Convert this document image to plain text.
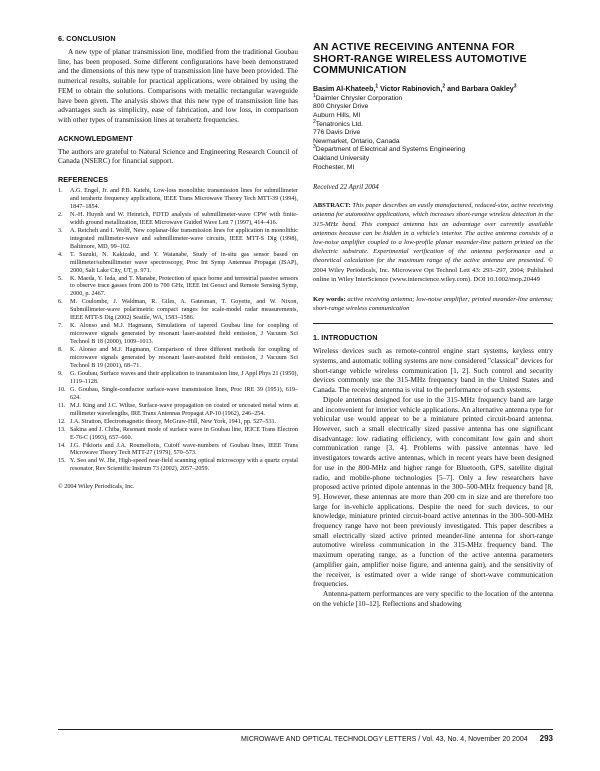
6. CONCLUSION

A new type of planar transmission line, modified from the traditional Goubau line, has been proposed. Some different configurations have been demonstrated and the dimensions of this new type of transmission line have been provided. The numerical results, suitable for practical applications, were obtained by using the FEM to obtain the solutions. Comparisons with metallic rectangular waveguide have been given. The analysis shows that this new type of transmission line has advantages such as simplicity, ease of fabrication, and low loss, in comparison with other types of transmission lines at terahertz frequencies.

ACKNOWLEDGMENT

The authors are grateful to Natural Science and Engineering Research Council of Canada (NSERC) for financial support.

REFERENCES
1.	A.G. Engel, Jr. and P.B. Katehi, Low-loss monolithic transmission lines for submillimeter and terahertz frequency applications, IEEE Trans Microwave Theory Tech MTT-39 (1994), 1847–1854.
2.	N.-H. Huynh and W. Heinrich, FDTD analysis of submillimeter-wave CPW with finite-width ground metallization, IEEE Microwave Guided Wave Lett 7 (1997), 414–416.
3.	A. Reichelt and I. Wolff, New coplanar-like transmission lines for application in monolithic integrated millimeter-wave and submillimeter-wave circuits, IEEE MTT-S Dig (1998), Baltimore, MD, 99–102.
4.	T. Suzuki, N. Kakizaki, and Y. Watanabe, Study of in-situ gas sensor based on millimeter/submillimeter wave spectroscopy, Proc Int Symp Antennas Propagat (ISAP), 2000, Salt Lake City, UT, p. 971.
5.	K. Maeda, Y. Ieda, and T. Manabe, Protection of space borne and terrestrial passive sensors to observe trace gasses from 200 to 700 GHz, IEEE Int Geosci and Remote Sensing Symp, 2000, p. 2467.
6.	M. Coulombe, J. Waldman, R. Giles, A. Gatesman, T. Goyette, and W. Nixon, Submillimeter-wave polarimetric compact ranges for scale-model radar measurements, IEEE MTT-S Dig (2002) Seattle, WA, 1583–1586.
7.	K. Alonso and M.J. Hagmann, Simulations of tapered Goubau line for coupling of microwave signals generated by resonant laser-assisted field emission, J Vacuum Sci Technol B 18 (2000), 1009–1013.
8.	K. Alonso and M.J. Hagmann, Comparison of three different methods for coupling of microwave signals generated by resonant laser-assisted field emission, J Vacuum Sci Technol B 19 (2001), 68–71.
9.	G. Goubau, Surface waves and their application to transmission line, J Appl Phys 21 (1950), 1119–1128.
10. G. Goubau, Single-conductor surface-wave transmission lines, Proc IRE 39 (1951), 619–624.
11. M.J. King and J.C. Wiltse, Surface-wave propagation on coated or uncoated metal wires at millimeter wavelengths, IRE Trans Antennas Propagat AP-10 (1962), 246–254.
12. J.A. Stratton, Electromagnetic theory, McGraw-Hill, New York, 1941, pp. 527–531.
13. Sakina and J. Chiba, Resonant mode of surface wave in Goubau line, IEICE Trans Electron E-76-C (1993), 657–660.
14. J.G. Fikioris and J.A. Roumeliotis, Cutoff wave-numbers of Goubau lines, IEEE Trans Microwave Theory Tech MTT-27 (1979), 570–573.
15. Y. Seo and W. Jhe, High-speed near-field scanning optical microscopy with a quartz crystal resonator, Rev Scientific Instrum 73 (2002), 2057–2059.
© 2004 Wiley Periodicals, Inc.
AN ACTIVE RECEIVING ANTENNA FOR SHORT-RANGE WIRELESS AUTOMOTIVE COMMUNICATION
Basim Al-Khateeb,$^1$ Victor Rabinovich,$^2$ and Barbara Oakley$^3$
$^1$Daimler Chrysler Corporation
800 Chrysler Drive
Auburn Hills, MI
$^2$Tenatronics Ltd.
776 Davis Drive
Newmarket, Ontario, Canada
$^3$Department of Electrical and Systems Engineering
Oakland University
Rochester, MI
Received 22 April 2004

ABSTRACT: This paper describes an easily manufactured, reduced-size, active receiving antenna for automotive applications, which increases short-range wireless detection in the 315-MHz band. This compact antenna has an advantage over currently available antennas because can be hidden in a vehicle's interior. The active antenna consists of a low-noise amplifier coupled to a low-profile planar meander-line pattern printed on the dielectric substrate. Experimental verification of the antenna performance and a theoretical calculation for the maximum range of the active antenna are presented. © 2004 Wiley Periodicals, Inc. Microwave Opt Technol Lett 43: 293–297, 2004; Published online in Wiley InterScience (www.interscience.wiley.com). DOI 10.1002/mop.20449

Key words: active receiving antenna; low-noise amplifier; printed meander-line antenna; short-range wireless communication

1. INTRODUCTION

Wireless devices such as remote-control engine start systems, keyless entry systems, and automatic tolling systems are now considered "classical" devices for short-range vehicle wireless communication [1, 2]. Such control and security devices commonly use the 315-MHz frequency band in the United States and Canada. The receiving antenna is vital to the performance of such systems.

Dipole antennas designed for use in the 315-MHz frequency band are large and inconvenient for interior vehicle applications. An alternative antenna type for vehicular use would appear to be a miniature printed circuit-board antenna. However, such a small electrically sized passive antenna has one significant disadvantage: low radiating efficiency, with concomitant low gain and short communication range [3, 4]. Problems with passive antennas have led investigators towards active antennas, which in recent years have been designed for use in the 800-MHz and higher range for Bluetooth, GPS, satellite digital radio, and mobile-phone technologies [5–7]. Only a few researchers have proposed active printed dipole antennas in the 300–500-MHz frequency band [8, 9]. However, these antennas are more than 200 cm in size and are therefore too large for in-vehicle applications. Despite the need for such devices, to our knowledge, miniature printed circuit-board active antennas in the 300–500-MHz frequency range have not been previously investigated. This paper describes a small electrically sized active printed meander-line antenna for short-range automotive wireless communication in the 315-MHz frequency band. The maximum operating range, as a function of the active antenna parameters (amplifier gain, amplifier noise figure, and antenna gain), and the sensitivity of the receiver, is estimated over a wide range of short-wave communication frequencies.

Antenna-pattern performances are very specific to the location of the antenna on the vehicle [10–12]. Reflections and shadowing

MICROWAVE AND OPTICAL TECHNOLOGY LETTERS / Vol. 43, No. 4, November 20 2004 293
